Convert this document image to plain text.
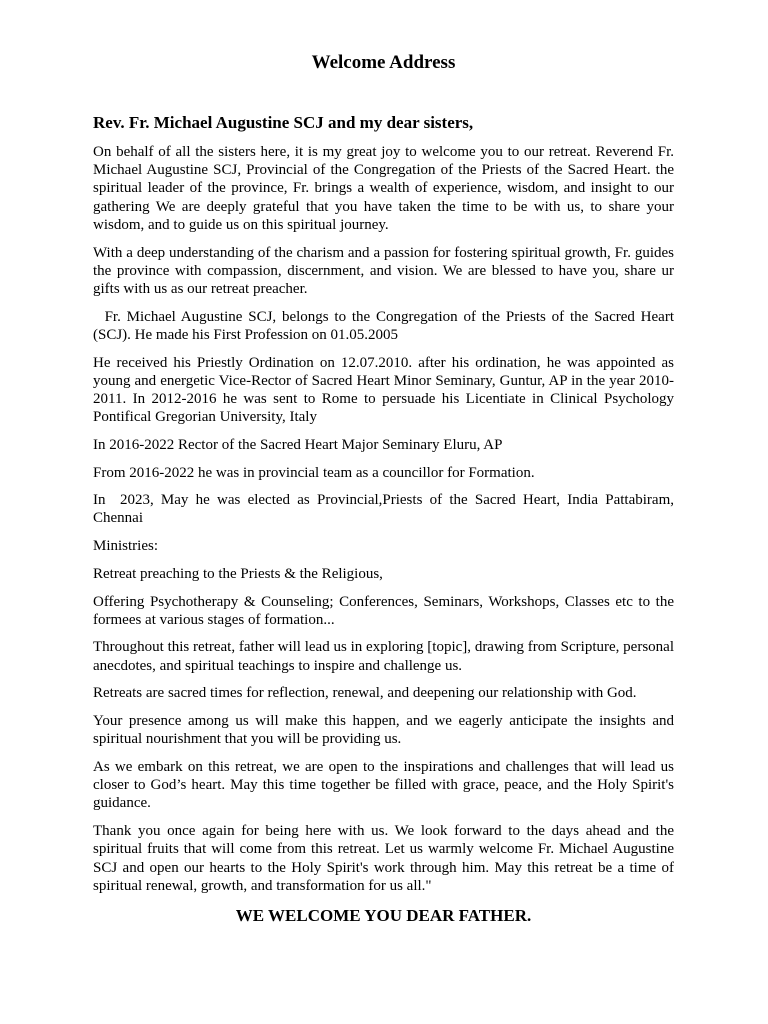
Welcome Address
Rev. Fr. Michael Augustine SCJ and my dear sisters,

On behalf of all the sisters here, it is my great joy to welcome you to our retreat. Reverend Fr. Michael Augustine SCJ, Provincial of the Congregation of the Priests of the Sacred Heart. the spiritual leader of the province, Fr. brings a wealth of experience, wisdom, and insight to our gathering We are deeply grateful that you have taken the time to be with us, to share your wisdom, and to guide us on this spiritual journey.

With a deep understanding of the charism and a passion for fostering spiritual growth, Fr. guides the province with compassion, discernment, and vision. We are blessed to have you, share ur gifts with us as our retreat preacher.

Fr. Michael Augustine SCJ, belongs to the Congregation of the Priests of the Sacred Heart (SCJ). He made his First Profession on 01.05.2005

He received his Priestly Ordination on 12.07.2010. after his ordination, he was appointed as young and energetic Vice-Rector of Sacred Heart Minor Seminary, Guntur, AP in the year 2010-2011. In 2012-2016 he was sent to Rome to persuade his Licentiate in Clinical Psychology Pontifical Gregorian University, Italy

In 2016-2022 Rector of the Sacred Heart Major Seminary Eluru, AP

From 2016-2022 he was in provincial team as a councillor for Formation.

In  2023, May he was elected as Provincial,Priests of the Sacred Heart, India Pattabiram, Chennai

Ministries:

Retreat preaching to the Priests & the Religious,

Offering Psychotherapy & Counseling; Conferences, Seminars, Workshops, Classes etc to the formees at various stages of formation...

Throughout this retreat, father will lead us in exploring [topic], drawing from Scripture, personal anecdotes, and spiritual teachings to inspire and challenge us.

Retreats are sacred times for reflection, renewal, and deepening our relationship with God.

Your presence among us will make this happen, and we eagerly anticipate the insights and spiritual nourishment that you will be providing us.

As we embark on this retreat, we are open to the inspirations and challenges that will lead us closer to God’s heart. May this time together be filled with grace, peace, and the Holy Spirit's guidance.

Thank you once again for being here with us. We look forward to the days ahead and the spiritual fruits that will come from this retreat. Let us warmly welcome Fr. Michael Augustine SCJ and open our hearts to the Holy Spirit's work through him. May this retreat be a time of spiritual renewal, growth, and transformation for us all."

WE WELCOME YOU DEAR FATHER.
